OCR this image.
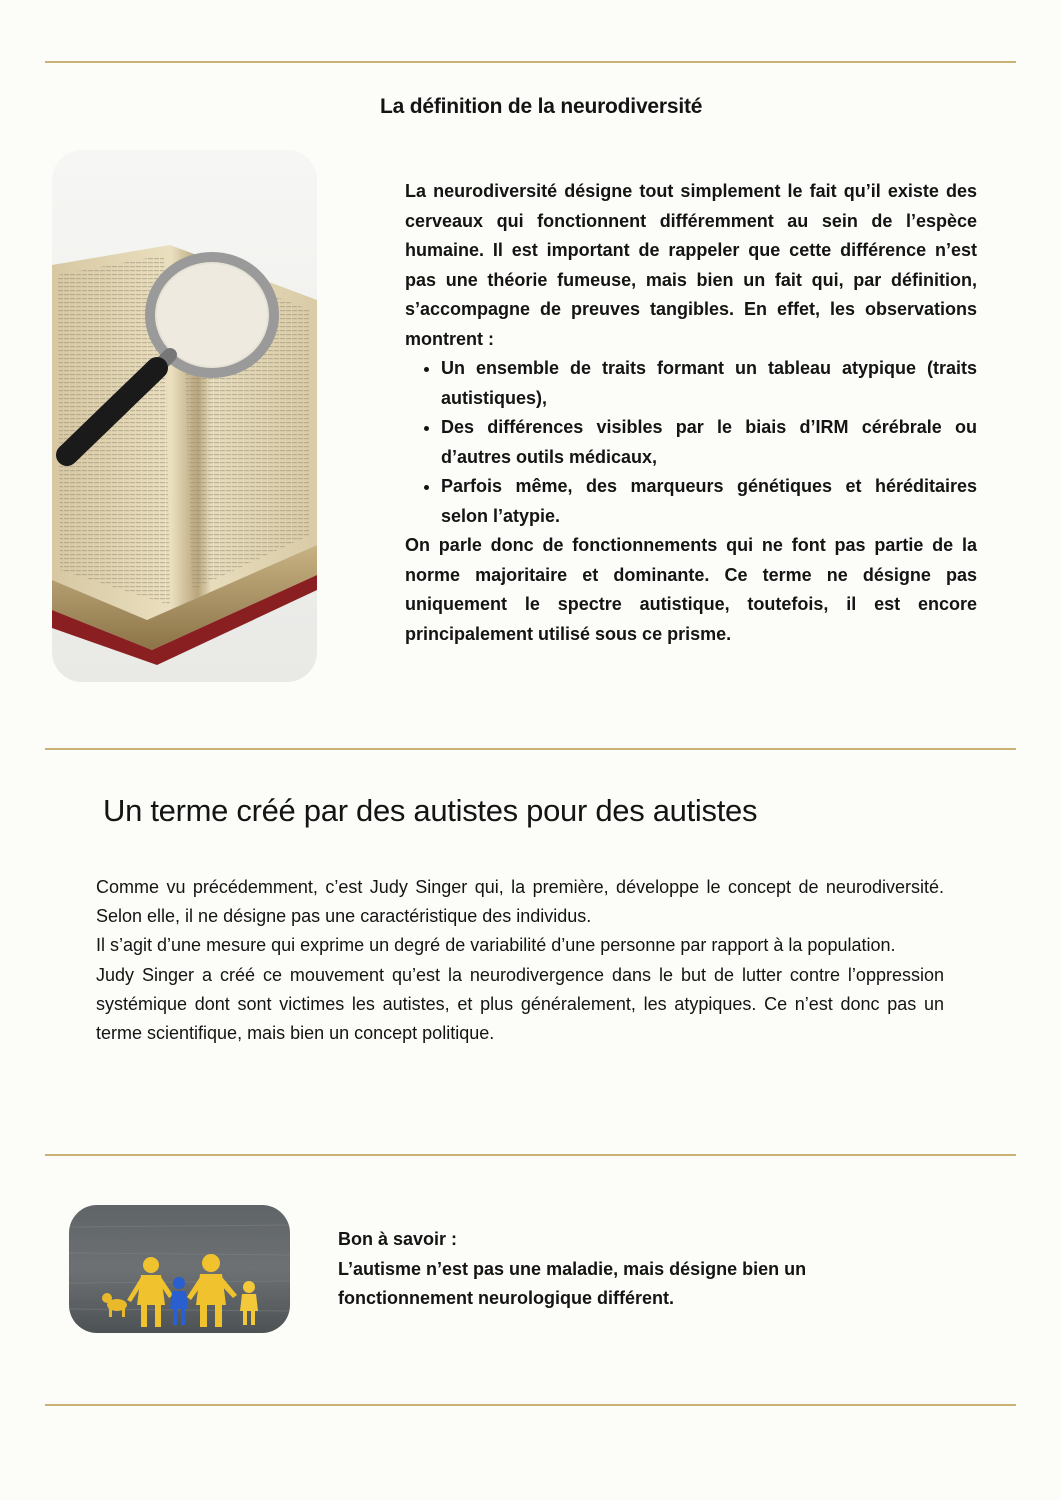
La définition de la neurodiversité

La neurodiversité désigne tout simplement le fait qu’il existe des cerveaux qui fonctionnent différemment au sein de l’espèce humaine. Il est important de rappeler que cette différence n’est pas une théorie fumeuse, mais bien un fait qui, par définition, s’accompagne de preuves tangibles. En effet, les observations montrent :

• Un ensemble de traits formant un tableau atypique (traits autistiques),
• Des différences visibles par le biais d’IRM cérébrale ou d’autres outils médicaux,
• Parfois même, des marqueurs génétiques et héréditaires selon l’atypie.

On parle donc de fonctionnements qui ne font pas partie de la norme majoritaire et dominante. Ce terme ne désigne pas uniquement le spectre autistique, toutefois, il est encore principalement utilisé sous ce prisme.

Un terme créé par des autistes pour des autistes

Comme vu précédemment, c’est Judy Singer qui, la première, développe le concept de neurodiversité. Selon elle, il ne désigne pas une caractéristique des individus.

Il s’agit d’une mesure qui exprime un degré de variabilité d’une personne par rapport à la population.

Judy Singer a créé ce mouvement qu’est la neurodivergence dans le but de lutter contre l’oppression systémique dont sont victimes les autistes, et plus généralement, les atypiques. Ce n’est donc pas un terme scientifique, mais bien un concept politique.

Bon à savoir :

L’autisme n’est pas une maladie, mais désigne bien un fonctionnement neurologique différent.
